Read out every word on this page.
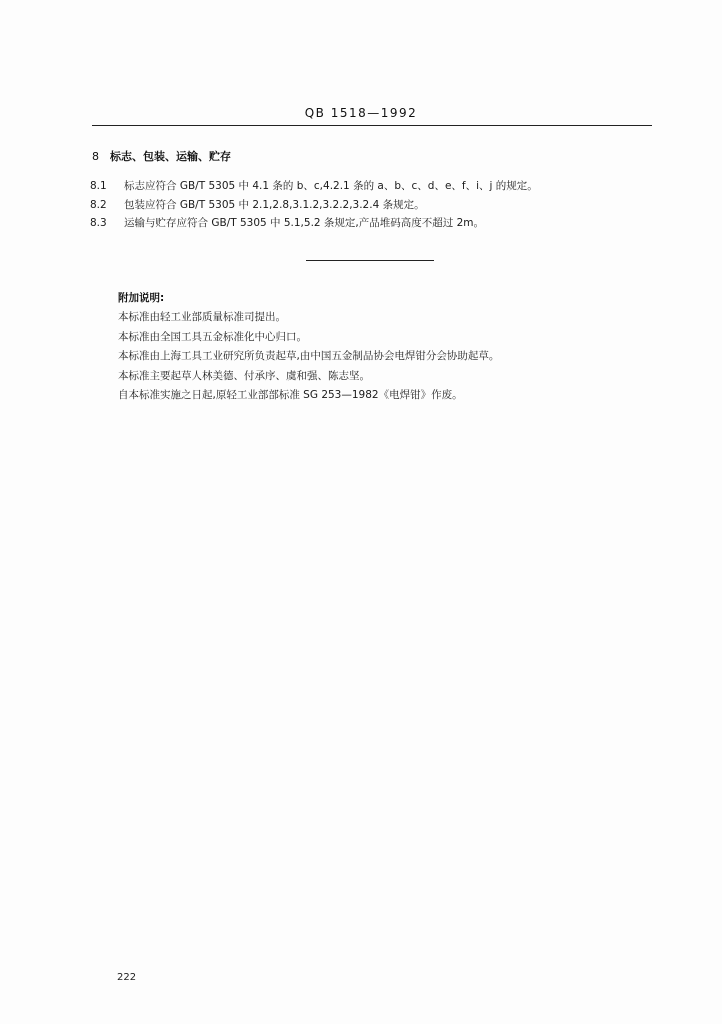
QB 1518—1992
8 标志、包装、运输、贮存
8.1 标志应符合 GB/T 5305 中 4.1 条的 b、c,4.2.1 条的 a、b、c、d、e、f、i、j 的规定。
8.2 包装应符合 GB/T 5305 中 2.1,2.8,3.1.2,3.2.2,3.2.4 条规定。
8.3 运输与贮存应符合 GB/T 5305 中 5.1,5.2 条规定,产品堆码高度不超过 2m。
附加说明:
本标准由轻工业部质量标准司提出。
本标准由全国工具五金标准化中心归口。
本标准由上海工具工业研究所负责起草,由中国五金制品协会电焊钳分会协助起草。
本标准主要起草人林美德、付承序、虞和强、陈志坚。
自本标准实施之日起,原轻工业部部标准 SG 253—1982《电焊钳》作废。
222
